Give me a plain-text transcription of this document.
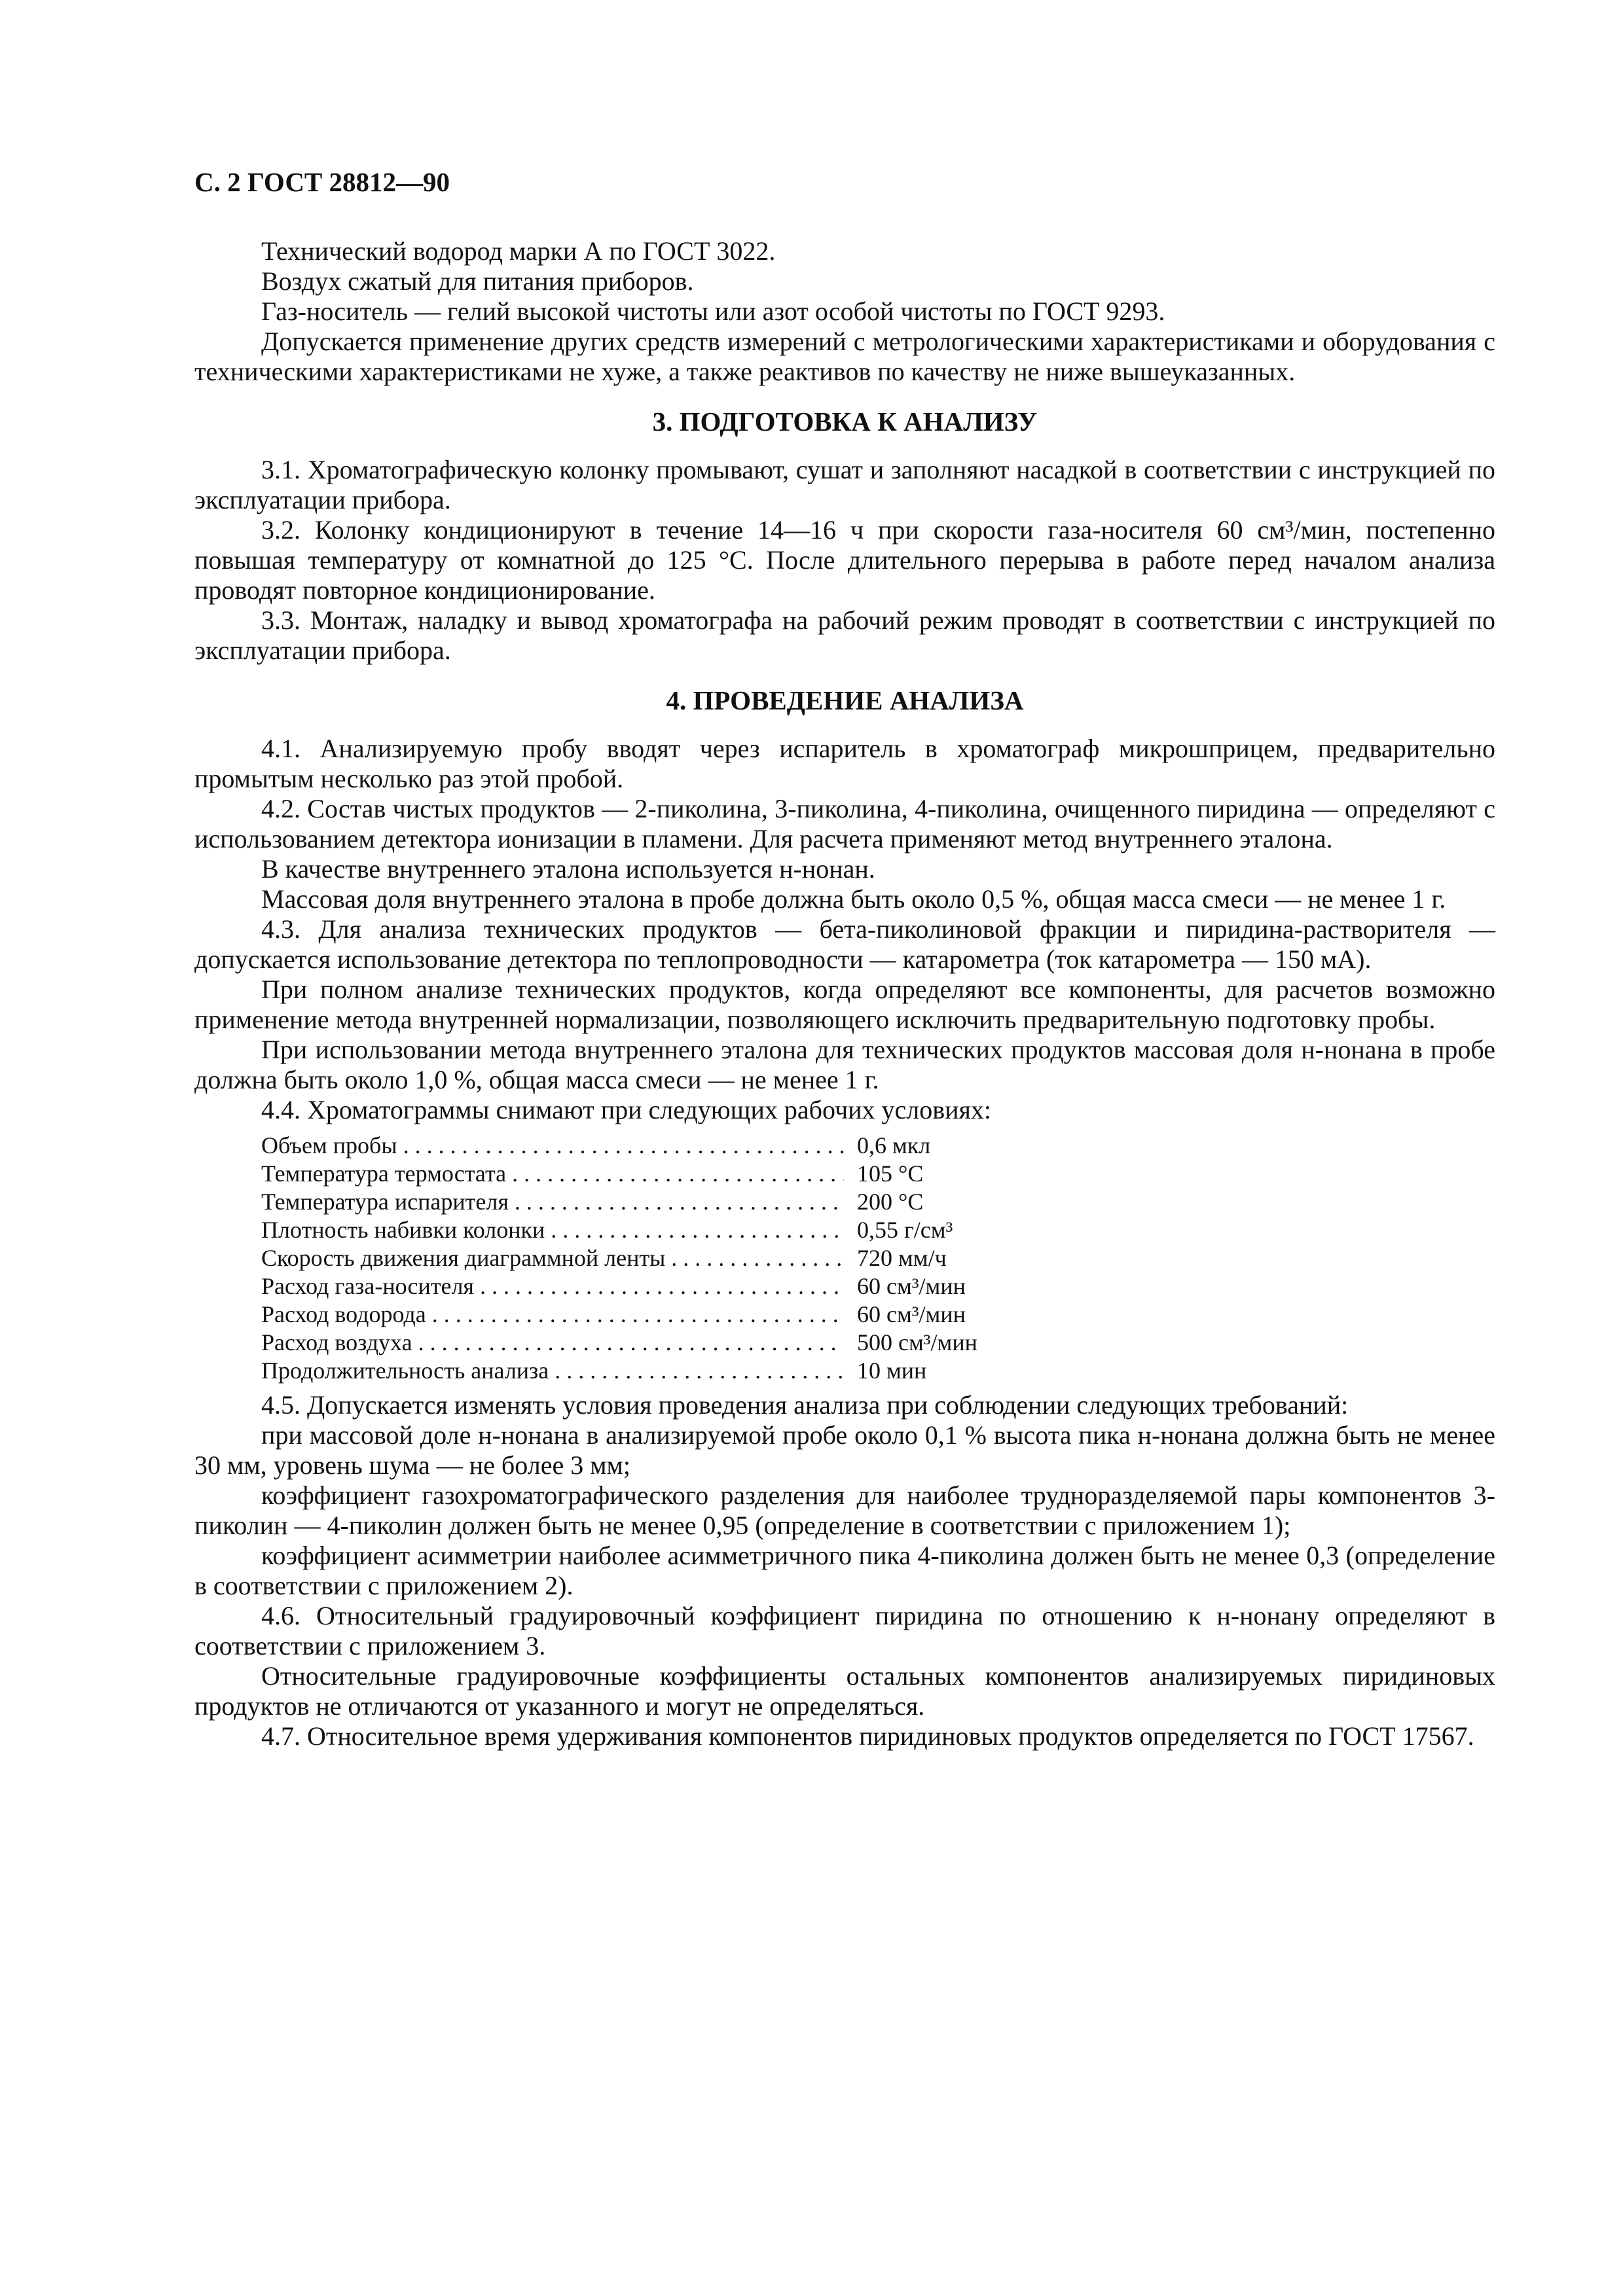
С. 2 ГОСТ 28812—90

Технический водород марки А по ГОСТ 3022.

Воздух сжатый для питания приборов.

Газ-носитель — гелий высокой чистоты или азот особой чистоты по ГОСТ 9293.

Допускается применение других средств измерений с метрологическими характеристиками и оборудования с техническими характеристиками не хуже, а также реактивов по качеству не ниже вышеуказанных.

3. ПОДГОТОВКА К АНАЛИЗУ

3.1. Хроматографическую колонку промывают, сушат и заполняют насадкой в соответствии с инструкцией по эксплуатации прибора.

3.2. Колонку кондиционируют в течение 14—16 ч при скорости газа-носителя 60 см³/мин, постепенно повышая температуру от комнатной до 125 °С. После длительного перерыва в работе перед началом анализа проводят повторное кондиционирование.

3.3. Монтаж, наладку и вывод хроматографа на рабочий режим проводят в соответствии с инструкцией по эксплуатации прибора.

4. ПРОВЕДЕНИЕ АНАЛИЗА

4.1. Анализируемую пробу вводят через испаритель в хроматограф микрошприцем, предварительно промытым несколько раз этой пробой.

4.2. Состав чистых продуктов — 2-пиколина, 3-пиколина, 4-пиколина, очищенного пиридина — определяют с использованием детектора ионизации в пламени. Для расчета применяют метод внутреннего эталона.

В качестве внутреннего эталона используется н-нонан.

Массовая доля внутреннего эталона в пробе должна быть около 0,5 %, общая масса смеси — не менее 1 г.

4.3. Для анализа технических продуктов — бета-пиколиновой фракции и пиридина-растворителя — допускается использование детектора по теплопроводности — катарометра (ток катарометра — 150 мА).

При полном анализе технических продуктов, когда определяют все компоненты, для расчетов возможно применение метода внутренней нормализации, позволяющего исключить предварительную подготовку пробы.

При использовании метода внутреннего эталона для технических продуктов массовая доля н-нонана в пробе должна быть около 1,0 %, общая масса смеси — не менее 1 г.

4.4. Хроматограммы снимают при следующих рабочих условиях:

Объем пробы . . .	0,6 мкл
Температура термостата . . .	105 °С
Температура испарителя . . .	200 °С
Плотность набивки колонки . . .	0,55 г/см³
Скорость движения диаграммной ленты . . .	720 мм/ч
Расход газа-носителя . . .	60 см³/мин
Расход водорода . . .	60 см³/мин
Расход воздуха . . .	500 см³/мин
Продолжительность анализа . . .	10 мин

4.5. Допускается изменять условия проведения анализа при соблюдении следующих требований:

при массовой доле н-нонана в анализируемой пробе около 0,1 % высота пика н-нонана должна быть не менее 30 мм, уровень шума — не более 3 мм;

коэффициент газохроматографического разделения для наиболее трудноразделяемой пары компонентов 3-пиколин — 4-пиколин должен быть не менее 0,95 (определение в соответствии с приложением 1);

коэффициент асимметрии наиболее асимметричного пика 4-пиколина должен быть не менее 0,3 (определение в соответствии с приложением 2).

4.6. Относительный градуировочный коэффициент пиридина по отношению к н-нонану определяют в соответствии с приложением 3.

Относительные градуировочные коэффициенты остальных компонентов анализируемых пиридиновых продуктов не отличаются от указанного и могут не определяться.

4.7. Относительное время удерживания компонентов пиридиновых продуктов определяется по ГОСТ 17567.
